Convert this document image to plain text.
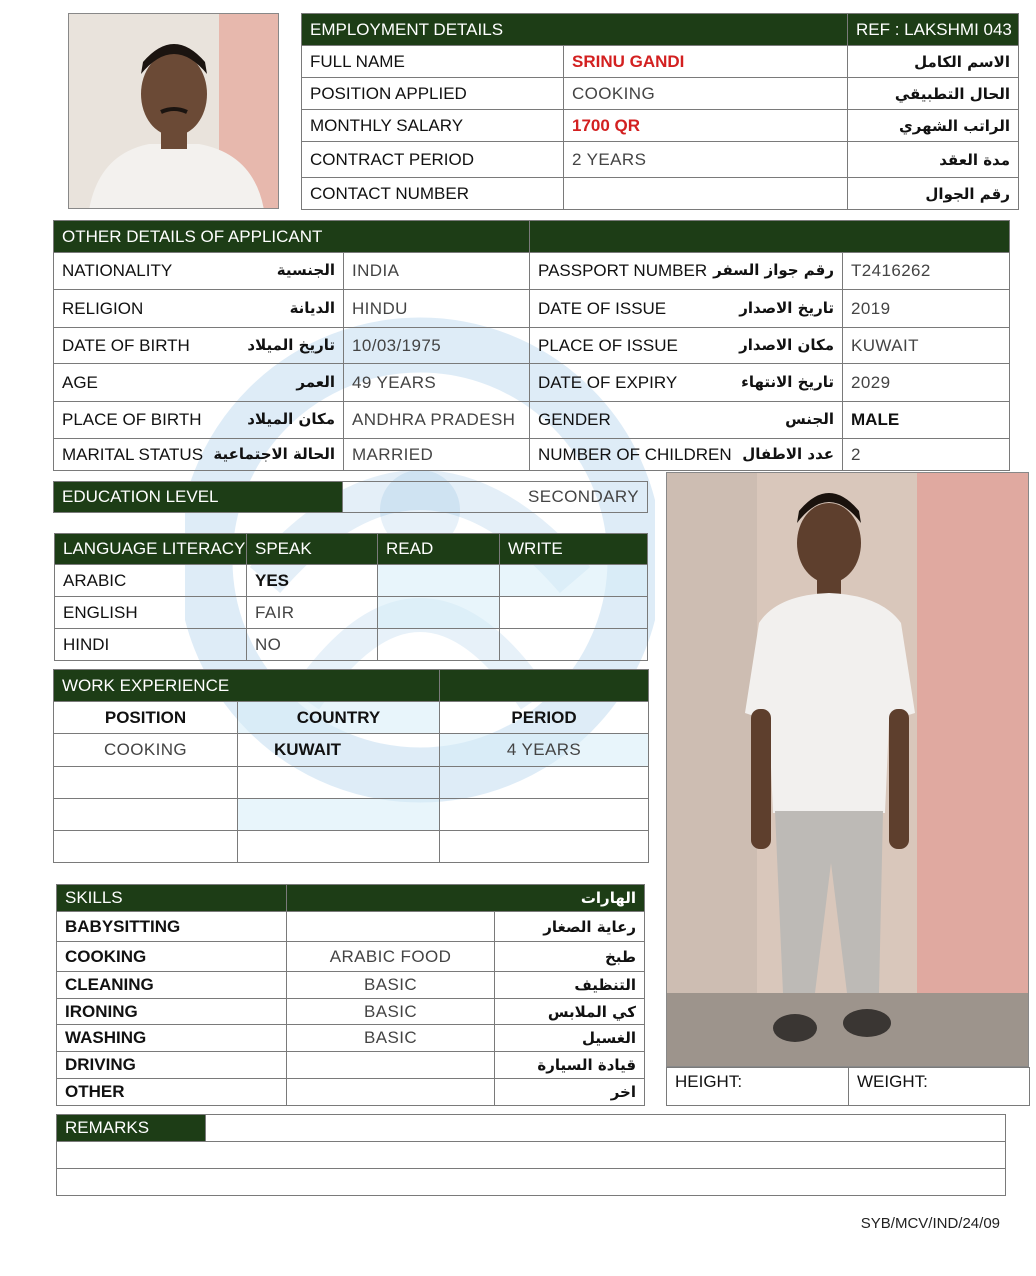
EMPLOYMENT DETAILS		REF : LAKSHMI 043
FULL NAME	SRINU GANDI	الاسم الكامل
POSITION APPLIED	COOKING	الحال التطبيقي
MONTHLY SALARY	1700 QR	الراتب الشهري
CONTRACT PERIOD	2 YEARS	مدة العقد
CONTACT NUMBER		رقم الجوال
OTHER DETAILS OF APPLICANT			
NATIONALITY الجنسية	INDIA	PASSPORT NUMBER رقم جواز السفر	T2416262
RELIGION الديانة	HINDU	DATE OF ISSUE تاريخ الاصدار	2019
DATE OF BIRTH تاريخ الميلاد	10/03/1975	PLACE OF ISSUE مكان الاصدار	KUWAIT
AGE العمر	49 YEARS	DATE OF EXPIRY تاريخ الانتهاء	2029
PLACE OF BIRTH مكان الميلاد	ANDHRA PRADESH	GENDER الجنس	MALE
MARITAL STATUS الحالة الاجتماعية	MARRIED	NUMBER OF CHILDREN عدد الاطفال	2
EDUCATION LEVEL	SECONDARY
LANGUAGE LITERACY	SPEAK	READ	WRITE
ARABIC	YES		
ENGLISH	FAIR		
HINDI	NO		
WORK EXPERIENCE		
POSITION	COUNTRY	PERIOD
COOKING	KUWAIT	4 YEARS

SKILLS	الهارات	
BABYSITTING		رعاية الصغار
COOKING	ARABIC FOOD	طبخ
CLEANING	BASIC	التنظيف
IRONING	BASIC	كي الملابس
WASHING	BASIC	الغسيل
DRIVING		قيادة السيارة
OTHER		اخر
HEIGHT:	WEIGHT:
REMARKS	

SYB/MCV/IND/24/09
